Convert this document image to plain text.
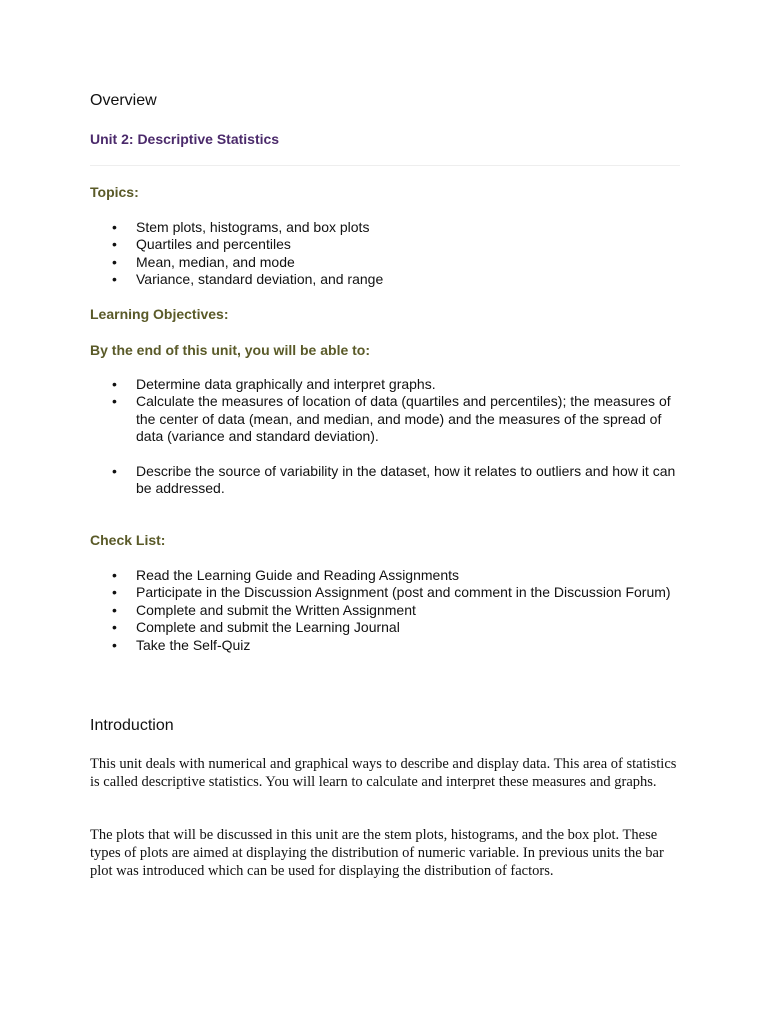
Overview
Unit 2: Descriptive Statistics
Topics:
• Stem plots, histograms, and box plots
• Quartiles and percentiles
• Mean, median, and mode
• Variance, standard deviation, and range
Learning Objectives:
By the end of this unit, you will be able to:
• Determine data graphically and interpret graphs.
• Calculate the measures of location of data (quartiles and percentiles); the measures of the center of data (mean, and median, and mode) and the measures of the spread of data (variance and standard deviation).
• Describe the source of variability in the dataset, how it relates to outliers and how it can be addressed.
Check List:
• Read the Learning Guide and Reading Assignments
• Participate in the Discussion Assignment (post and comment in the Discussion Forum)
• Complete and submit the Written Assignment
• Complete and submit the Learning Journal
• Take the Self-Quiz
Introduction

This unit deals with numerical and graphical ways to describe and display data. This area of statistics is called descriptive statistics. You will learn to calculate and interpret these measures and graphs.

The plots that will be discussed in this unit are the stem plots, histograms, and the box plot. These types of plots are aimed at displaying the distribution of numeric variable. In previous units the bar plot was introduced which can be used for displaying the distribution of factors.
